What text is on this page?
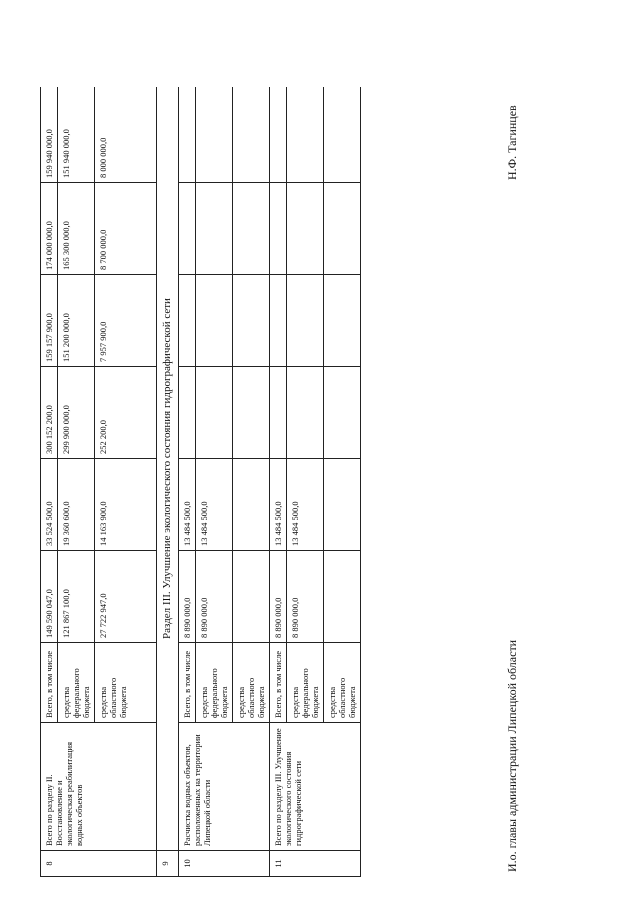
8	Всего по разделу II. Восстановление и экологическая реабилитация водных объектов	Всего, в том числе	149 590 047,0	33 524 500,0	300 152 200,0	159 157 900,0	174 000 000,0	159 940 000,0
		средства федерального бюджета	121 867 100,0	19 360 600,0	299 900 000,0	151 200 000,0	165 300 000,0	151 940 000,0
		средства областного бюджета	27 722 947,0	14 163 900,0	252 200,0	7 957 900,0	8 700 000,0	8 000 000,0
9	Раздел III. Улучшение экологического состояния гидрографической сети							
10	Расчистка водных объектов, расположенных на территории Липецкой области	Всего, в том числе	8 890 000,0	13 484 500,0				
		средства федерального бюджета	8 890 000,0	13 484 500,0				
		средства областного бюджета						
11	Всего по разделу III. Улучшение экологического состояния гидрографической сети	Всего, в том числе	8 890 000,0	13 484 500,0				
		средства федерального бюджета	8 890 000,0	13 484 500,0				
		средства областного бюджета							И.о. главы администрации Липецкой области
Н.Ф. Тагинцев
